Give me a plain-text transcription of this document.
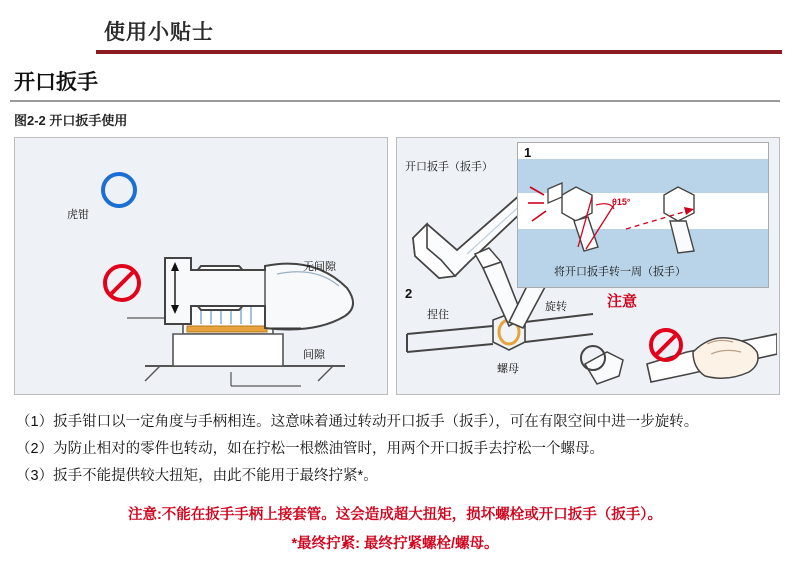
使用小贴士
开口扳手
图2-2 开口扳手使用
虎钳
无间隙
间隙
开口扳手（扳手）
2
捏住
旋转
螺母
1
θ15°
将开口扳手转一周（扳手）
注意
（1）扳手钳口以一定角度与手柄相连。这意味着通过转动开口扳手（扳手），可在有限空间中进一步旋转。
（2）为防止相对的零件也转动，如在拧松一根燃油管时，用两个开口扳手去拧松一个螺母。
（3）扳手不能提供较大扭矩，由此不能用于最终拧紧*。
注意:不能在扳手手柄上接套管。这会造成超大扭矩，损坏螺栓或开口扳手（扳手）。
*最终拧紧: 最终拧紧螺栓/螺母。
